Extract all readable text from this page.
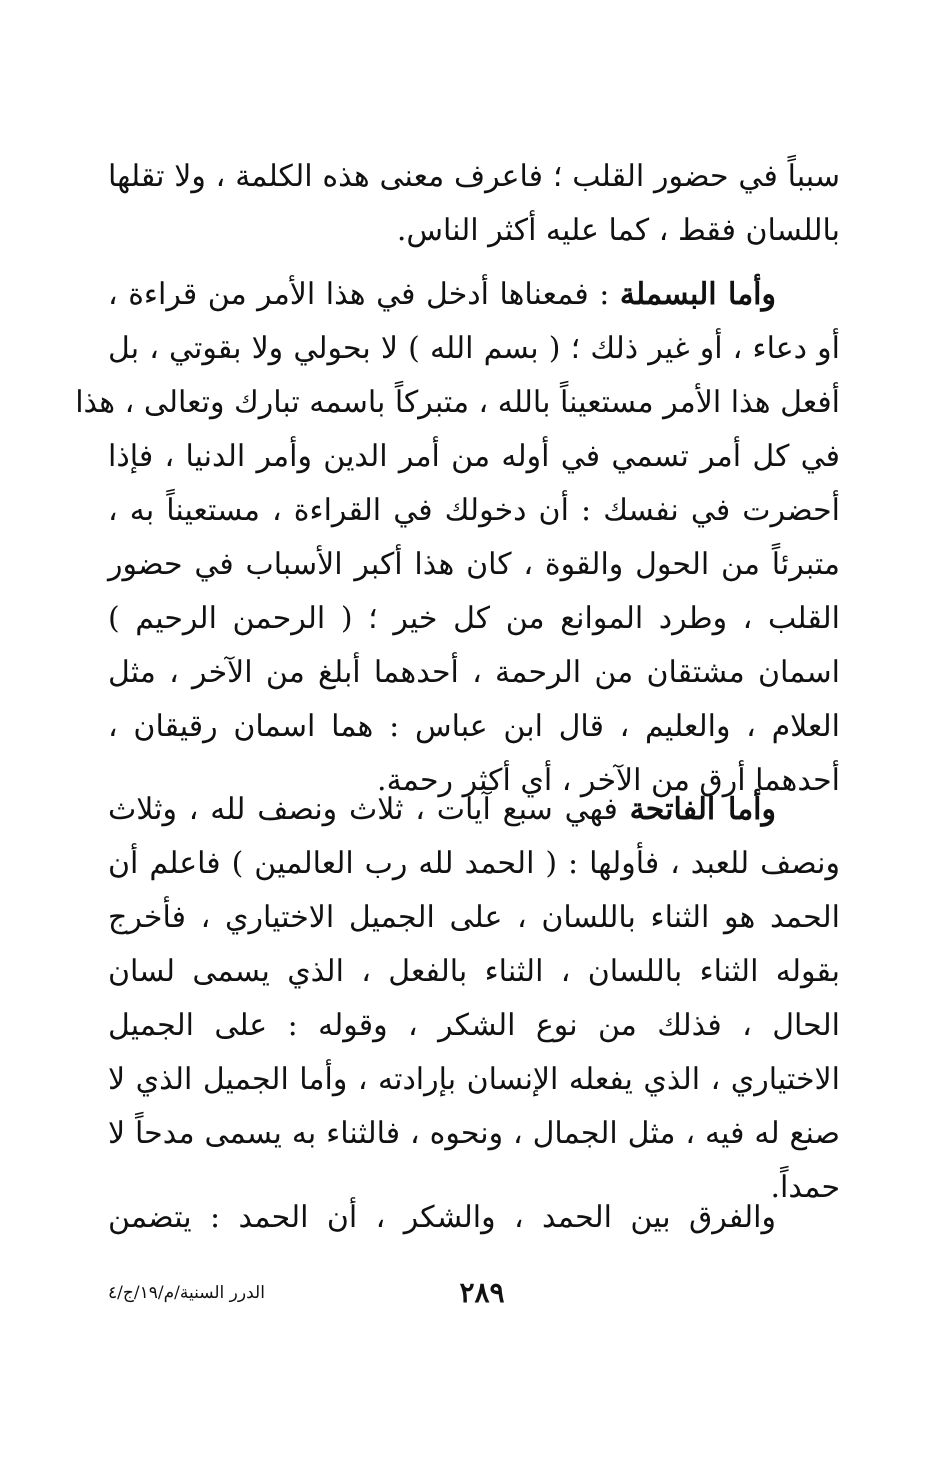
سبباً في حضور القلب ؛ فاعرف معنى هذه الكلمة ، ولا تقلها
باللسان فقط ، كما عليه أكثر الناس.
وأما البسملة : فمعناها أدخل في هذا الأمر من قراءة ،
أو دعاء ، أو غير ذلك ؛ ( بسم الله ) لا بحولي ولا بقوتي ، بل
أفعل هذا الأمر مستعيناً بالله ، متبركاً باسمه تبارك وتعالى ، هذا
في كل أمر تسمي في أوله من أمر الدين وأمر الدنيا ، فإذا
أحضرت في نفسك : أن دخولك في القراءة ، مستعيناً به ،
متبرئاً من الحول والقوة ، كان هذا أكبر الأسباب في حضور
القلب ، وطرد الموانع من كل خير ؛ ( الرحمن الرحيم )
اسمان مشتقان من الرحمة ، أحدهما أبلغ من الآخر ، مثل
العلام ، والعليم ، قال ابن عباس : هما اسمان رقيقان ،
أحدهما أرق من الآخر ، أي أكثر رحمة.
وأما الفاتحة فهي سبع آيات ، ثلاث ونصف لله ، وثلاث
ونصف للعبد ، فأولها : ( الحمد لله رب العالمين ) فاعلم أن
الحمد هو الثناء باللسان ، على الجميل الاختياري ، فأخرج
بقوله الثناء باللسان ، الثناء بالفعل ، الذي يسمى لسان
الحال ، فذلك من نوع الشكر ، وقوله : على الجميل
الاختياري ، الذي يفعله الإنسان بإرادته ، وأما الجميل الذي لا
صنع له فيه ، مثل الجمال ، ونحوه ، فالثناء به يسمى مدحاً لا
حمداً.
والفرق بين الحمد ، والشكر ، أن الحمد : يتضمن
الدرر السنية/م/١٩/ج/٤	٢٨٩
